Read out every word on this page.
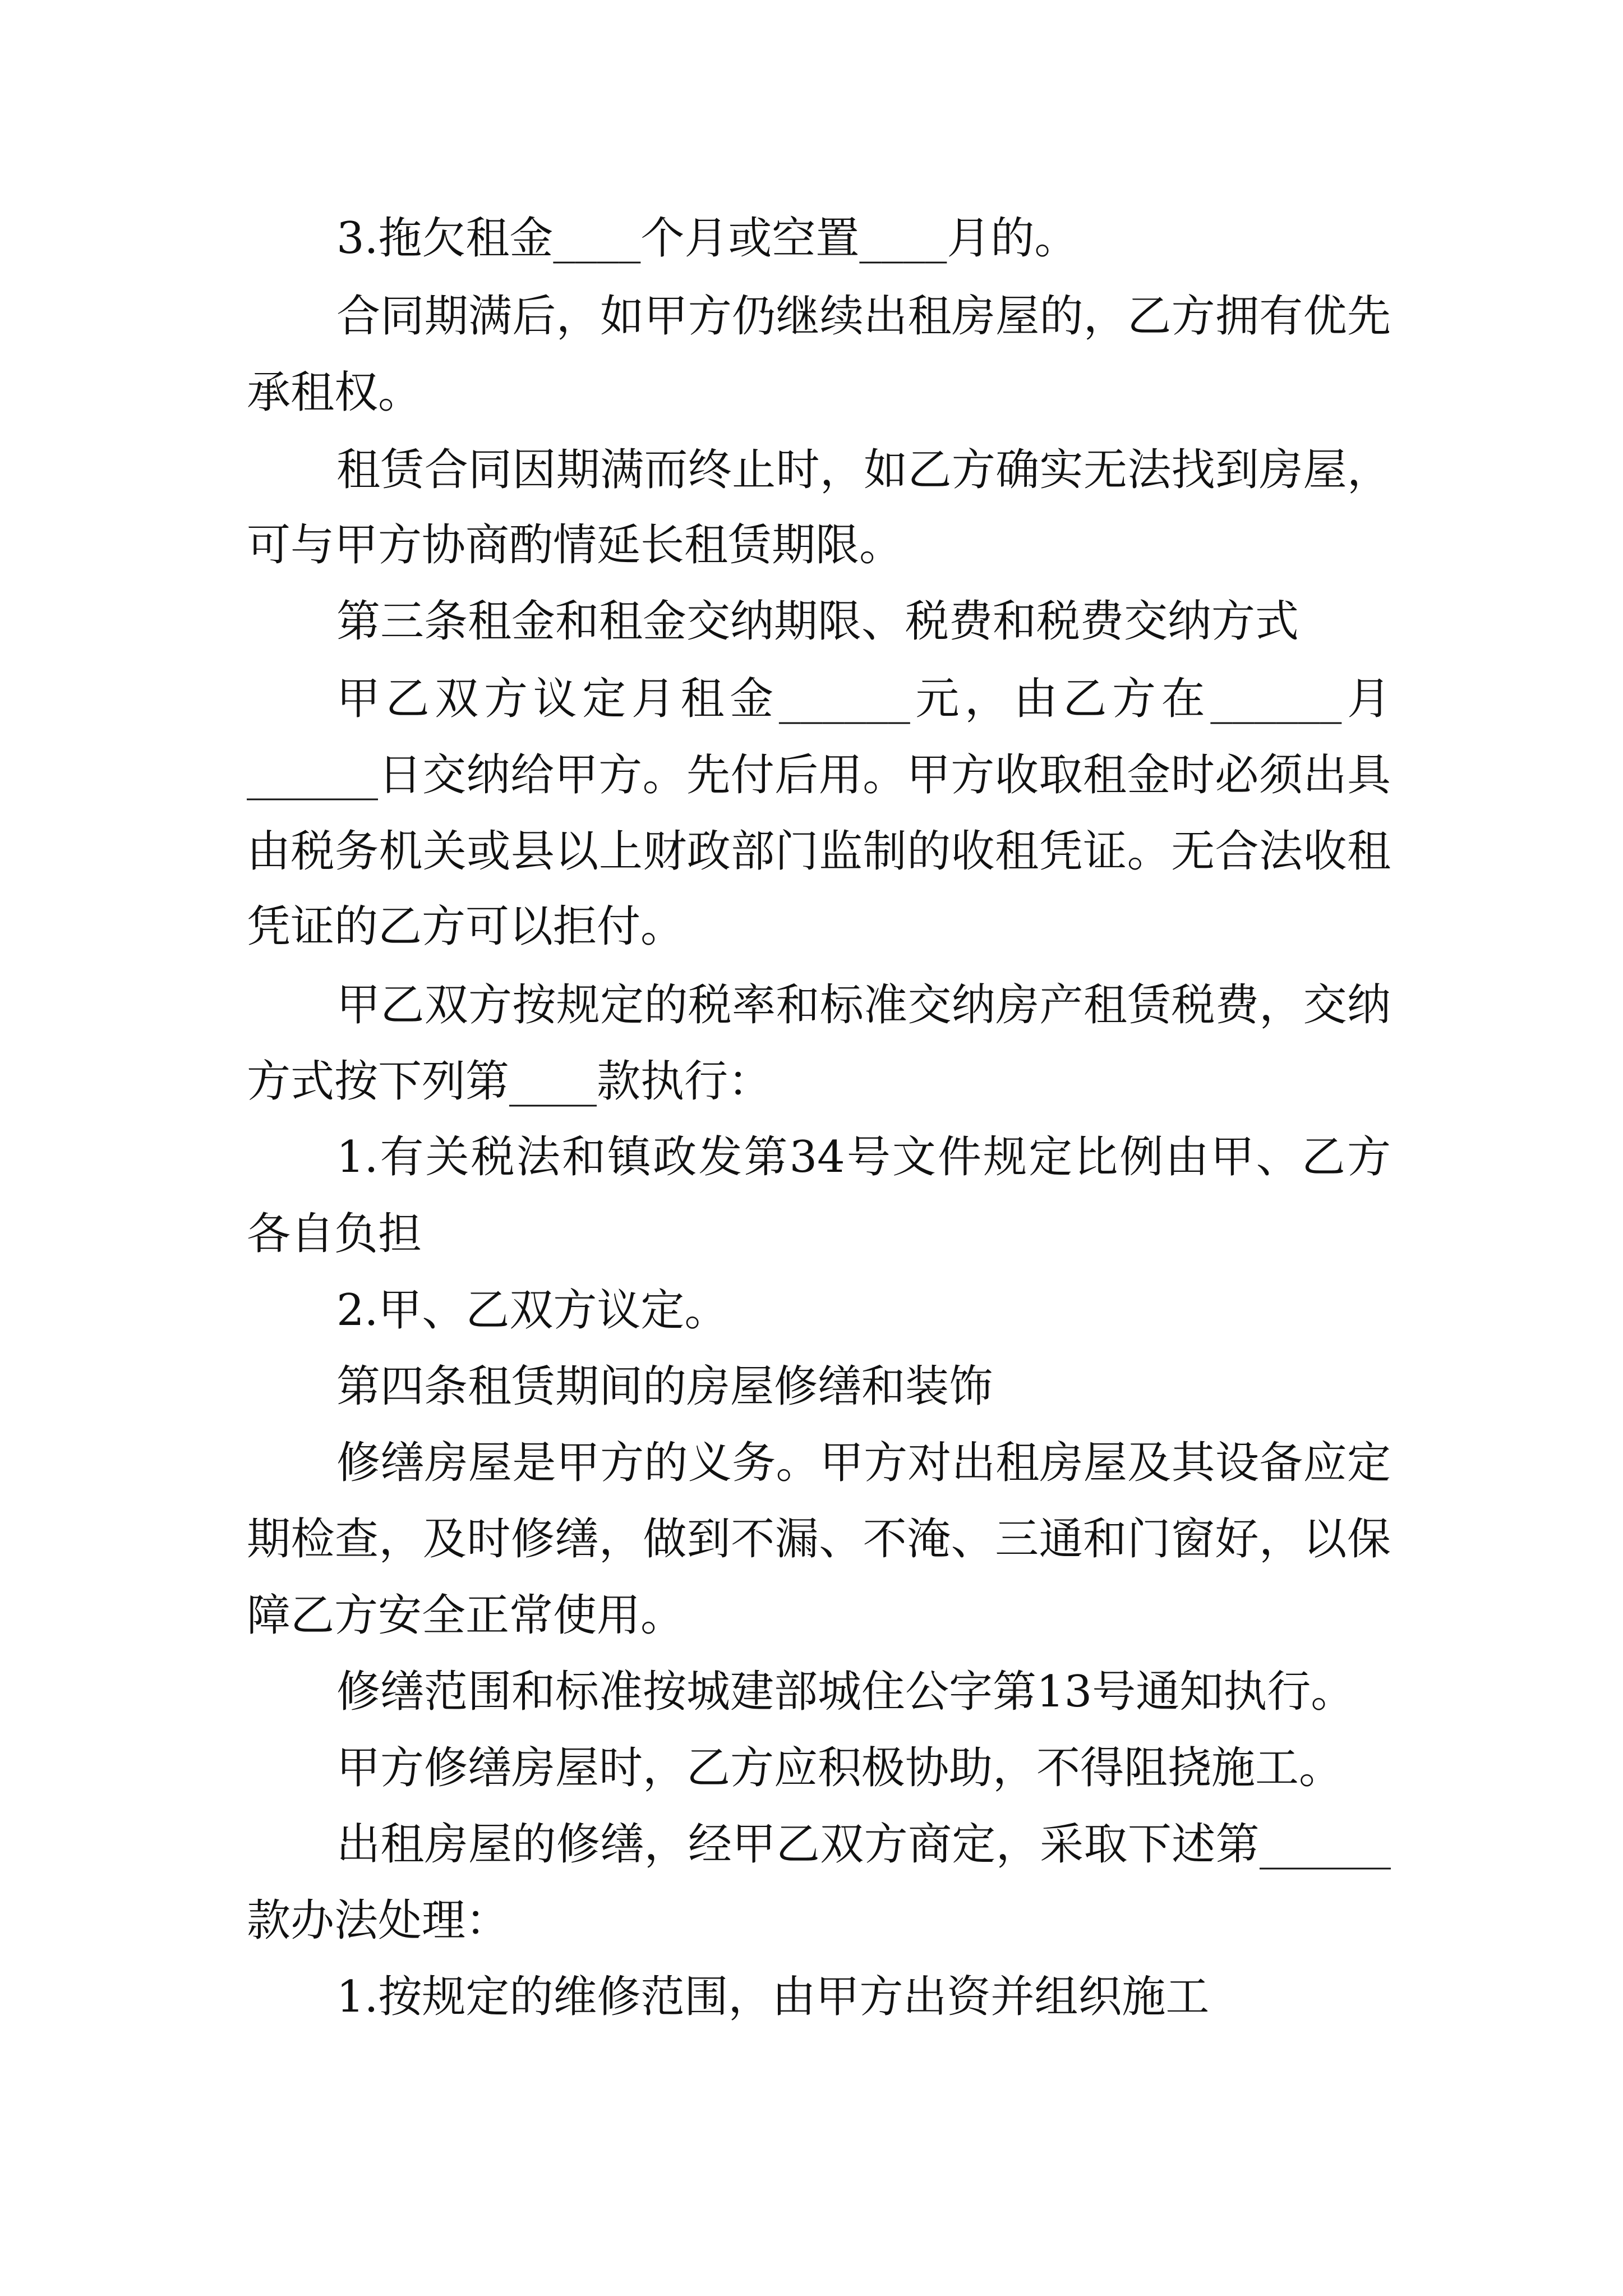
3.拖欠租金____个月或空置____月的。
合同期满后，如甲方仍继续出租房屋的，乙方拥有优先
承租权。
租赁合同因期满而终止时，如乙方确实无法找到房屋，
可与甲方协商酌情延长租赁期限。
第三条租金和租金交纳期限、税费和税费交纳方式
甲乙双方议定月租金______元，由乙方在______月
______日交纳给甲方。先付后用。甲方收取租金时必须出具
由税务机关或县以上财政部门监制的收租凭证。无合法收租
凭证的乙方可以拒付。
甲乙双方按规定的税率和标准交纳房产租赁税费，交纳
方式按下列第____款执行：
1.有关税法和镇政发第34号文件规定比例由甲、乙方
各自负担
2.甲、乙双方议定。
第四条租赁期间的房屋修缮和装饰
修缮房屋是甲方的义务。甲方对出租房屋及其设备应定
期检查，及时修缮，做到不漏、不淹、三通和门窗好，以保
障乙方安全正常使用。
修缮范围和标准按城建部城住公字第13号通知执行。
甲方修缮房屋时，乙方应积极协助，不得阻挠施工。
出租房屋的修缮，经甲乙双方商定，采取下述第______
款办法处理：
1.按规定的维修范围，由甲方出资并组织施工
